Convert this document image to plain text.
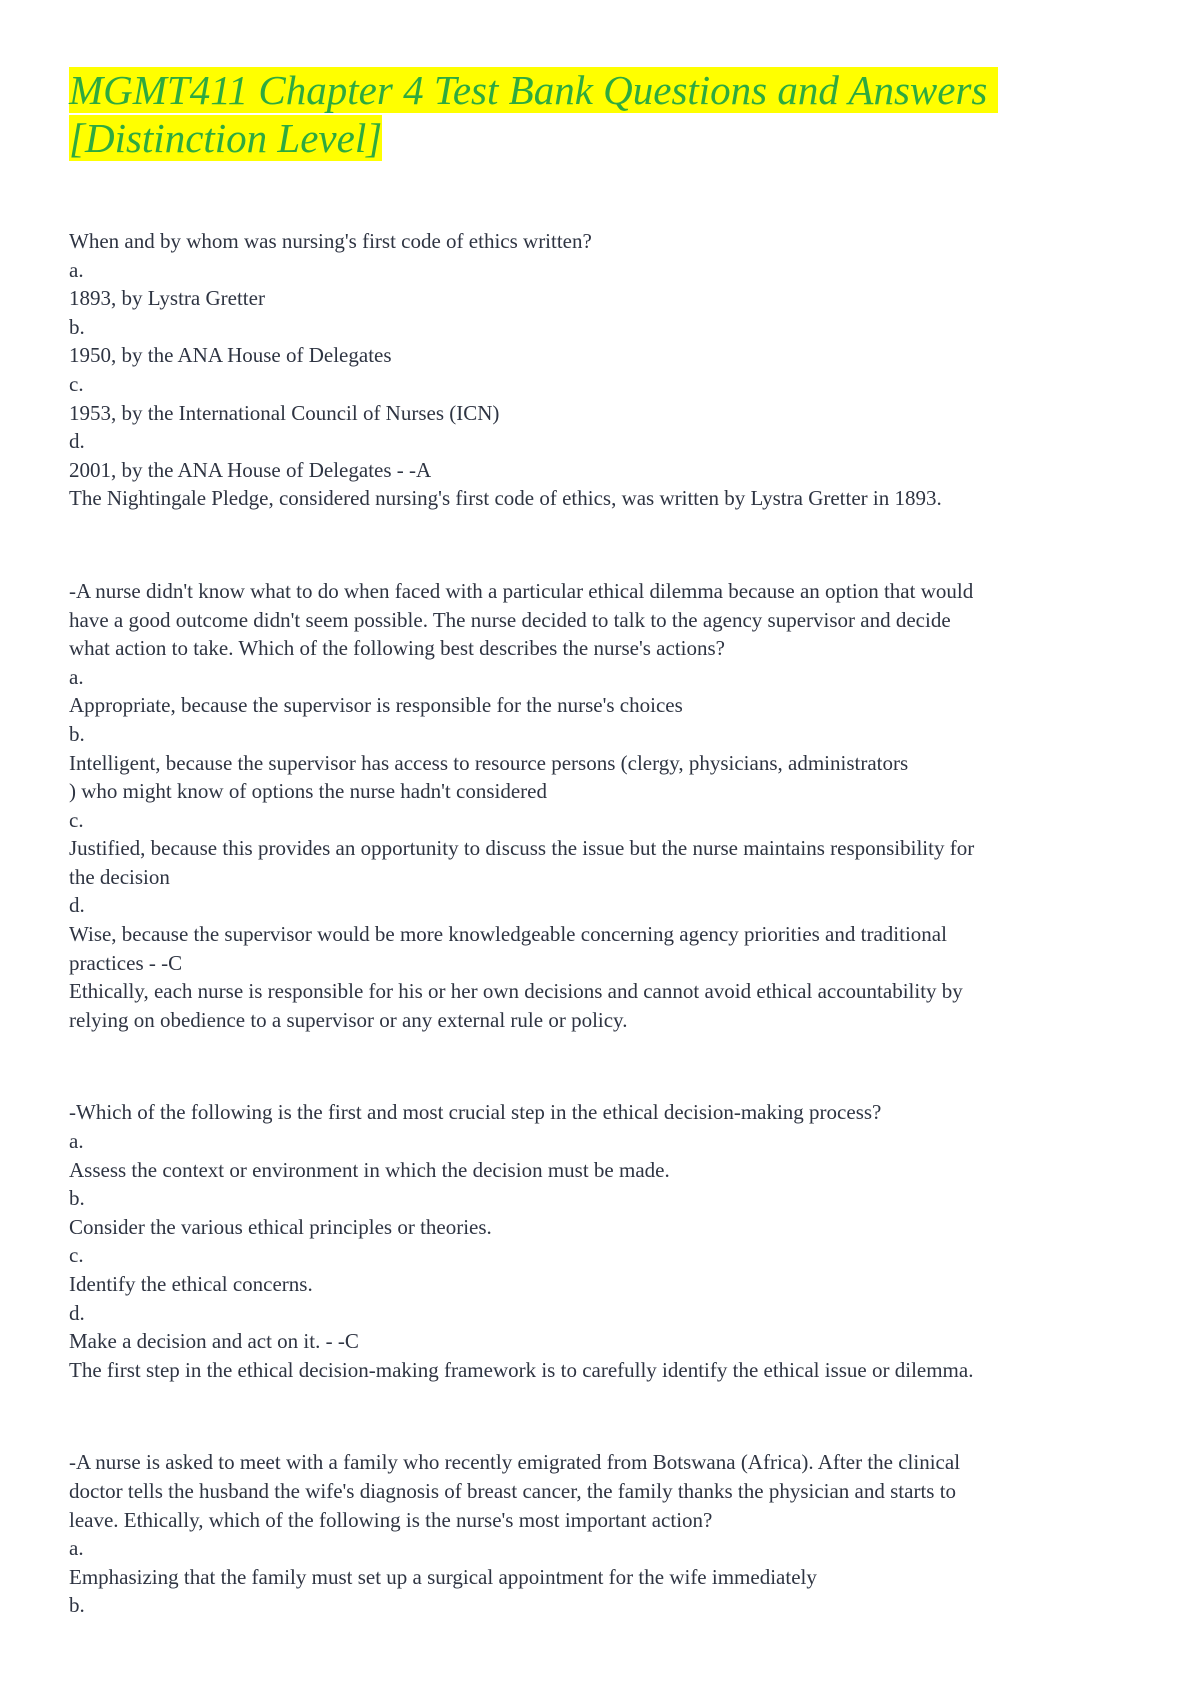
MGMT411 Chapter 4 Test Bank Questions and Answers
[Distinction Level]
When and by whom was nursing's first code of ethics written?
a.
1893, by Lystra Gretter
b.
1950, by the ANA House of Delegates
c.
1953, by the International Council of Nurses (ICN)
d.
2001, by the ANA House of Delegates - -A
The Nightingale Pledge, considered nursing's first code of ethics, was written by Lystra Gretter in 1893.
-A nurse didn't know what to do when faced with a particular ethical dilemma because an option that would
have a good outcome didn't seem possible. The nurse decided to talk to the agency supervisor and decide
what action to take. Which of the following best describes the nurse's actions?
a.
Appropriate, because the supervisor is responsible for the nurse's choices
b.
Intelligent, because the supervisor has access to resource persons (clergy, physicians, administrators
) who might know of options the nurse hadn't considered
c.
Justified, because this provides an opportunity to discuss the issue but the nurse maintains responsibility for
the decision
d.
Wise, because the supervisor would be more knowledgeable concerning agency priorities and traditional
practices - -C
Ethically, each nurse is responsible for his or her own decisions and cannot avoid ethical accountability by
relying on obedience to a supervisor or any external rule or policy.
-Which of the following is the first and most crucial step in the ethical decision-making process?
a.
Assess the context or environment in which the decision must be made.
b.
Consider the various ethical principles or theories.
c.
Identify the ethical concerns.
d.
Make a decision and act on it. - -C
The first step in the ethical decision-making framework is to carefully identify the ethical issue or dilemma.
-A nurse is asked to meet with a family who recently emigrated from Botswana (Africa). After the clinical
doctor tells the husband the wife's diagnosis of breast cancer, the family thanks the physician and starts to
leave. Ethically, which of the following is the nurse's most important action?
a.
Emphasizing that the family must set up a surgical appointment for the wife immediately
b.
